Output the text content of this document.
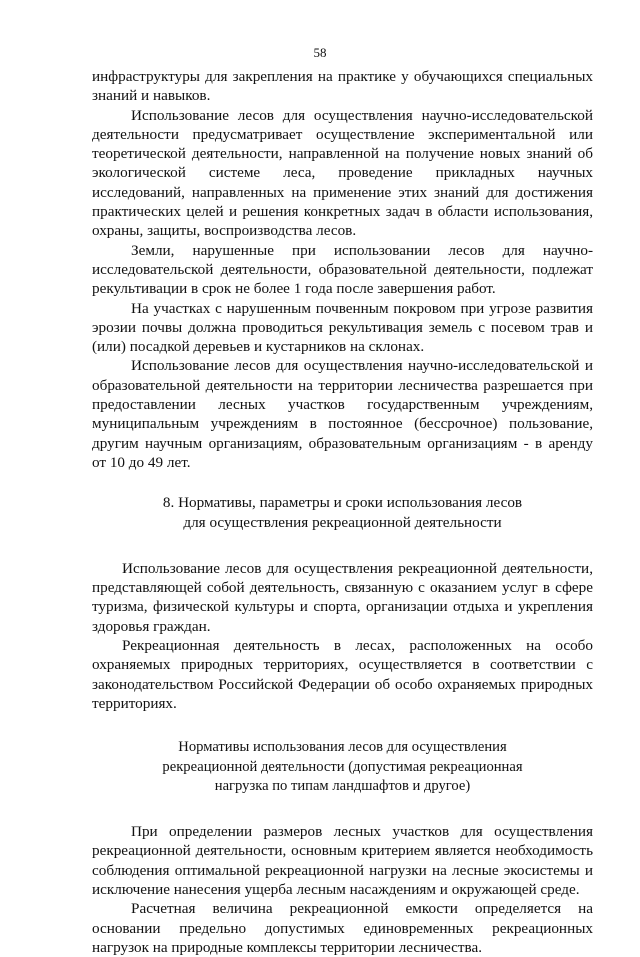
58

инфраструктуры для закрепления на практике у обучающихся специальных знаний и навыков.

Использование лесов для осуществления научно-исследовательской деятельности предусматривает осуществление экспериментальной или теоретической деятельности, направленной на получение новых знаний об экологической системе леса, проведение прикладных научных исследований, направленных на применение этих знаний для достижения практических целей и решения конкретных задач в области использования, охраны, защиты, воспроизводства лесов.

Земли, нарушенные при использовании лесов для научно-исследовательской деятельности, образовательной деятельности, подлежат рекультивации в срок не более 1 года после завершения работ.

На участках с нарушенным почвенным покровом при угрозе развития эрозии почвы должна проводиться рекультивация земель с посевом трав и (или) посадкой деревьев и кустарников на склонах.

Использование лесов для осуществления научно-исследовательской и образовательной деятельности на территории лесничества разрешается при предоставлении лесных участков государственным учреждениям, муниципальным учреждениям в постоянное (бессрочное) пользование, другим научным организациям, образовательным организациям - в аренду от 10 до 49 лет.

8. Нормативы, параметры и сроки использования лесов
для осуществления рекреационной деятельности

Использование лесов для осуществления рекреационной деятельности, представляющей собой деятельность, связанную с оказанием услуг в сфере туризма, физической культуры и спорта, организации отдыха и укрепления здоровья граждан.

Рекреационная деятельность в лесах, расположенных на особо охраняемых природных территориях, осуществляется в соответствии с законодательством Российской Федерации об особо охраняемых природных территориях.

Нормативы использования лесов для осуществления
рекреационной деятельности (допустимая рекреационная
нагрузка по типам ландшафтов и другое)

При определении размеров лесных участков для осуществления рекреационной деятельности, основным критерием является необходимость соблюдения оптимальной рекреационной нагрузки на лесные экосистемы и исключение нанесения ущерба лесным насаждениям и окружающей среде.

Расчетная величина рекреационной емкости определяется на основании предельно допустимых единовременных рекреационных нагрузок на природные комплексы территории лесничества.
